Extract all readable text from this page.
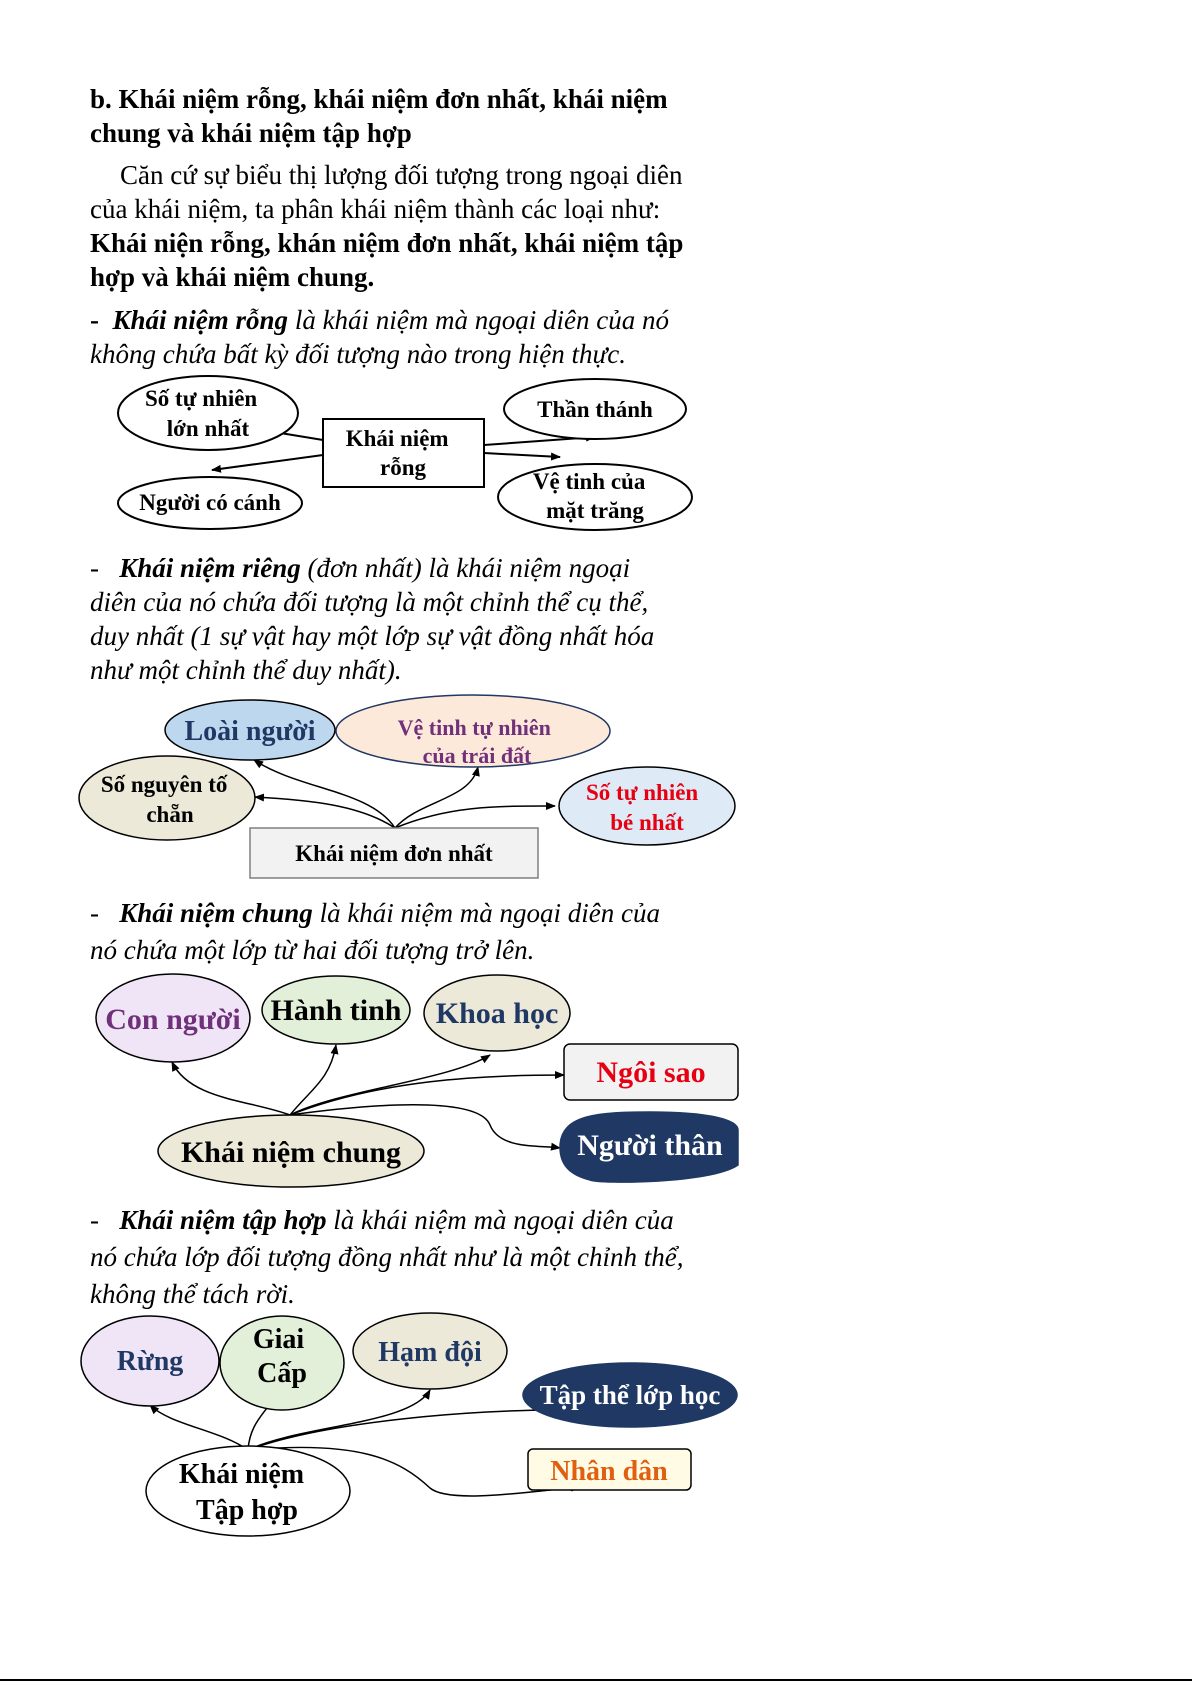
b. Khái niệm rỗng, khái niệm đơn nhất, khái niệm
chung và khái niệm tập hợp
Căn cứ sự biểu thị lượng đối tượng trong ngoại diên
của khái niệm, ta phân khái niệm thành các loại như:
Khái niện rỗng, khán niệm đơn nhất, khái niệm tập
hợp và khái niệm chung.
- Khái niệm rỗng là khái niệm mà ngoại diên của nó
không chứa bất kỳ đối tượng nào trong hiện thực.
- Khái niệm riêng (đơn nhất) là khái niệm ngoại
diên của nó chứa đối tượng là một chỉnh thể cụ thể,
duy nhất (1 sự vật hay một lớp sự vật đồng nhất hóa
như một chỉnh thể duy nhất).
- Khái niệm chung là khái niệm mà ngoại diên của
nó chứa một lớp từ hai đối tượng trở lên.
- Khái niệm tập hợp là khái niệm mà ngoại diên của
nó chứa lớp đối tượng đồng nhất như là một chỉnh thể,
không thể tách rời.
Khái niệm rỗng
Số tự nhiên lớn nhất
Người có cánh
Thần thánh
Vệ tinh của mặt trăng
Khái niệm đơn nhất
Loài người	Vệ tinh tự nhiên của trái đất
Số nguyên tố chẵn
Số tự nhiên bé nhất
Con người Hành tinh Khoa học
Ngôi sao
Khái niệm chung	Người thân
Rừng
Giai Cấp
Hạm đội
Tập thể lớp học
Nhân dân
Khái niệm Tập hợp
